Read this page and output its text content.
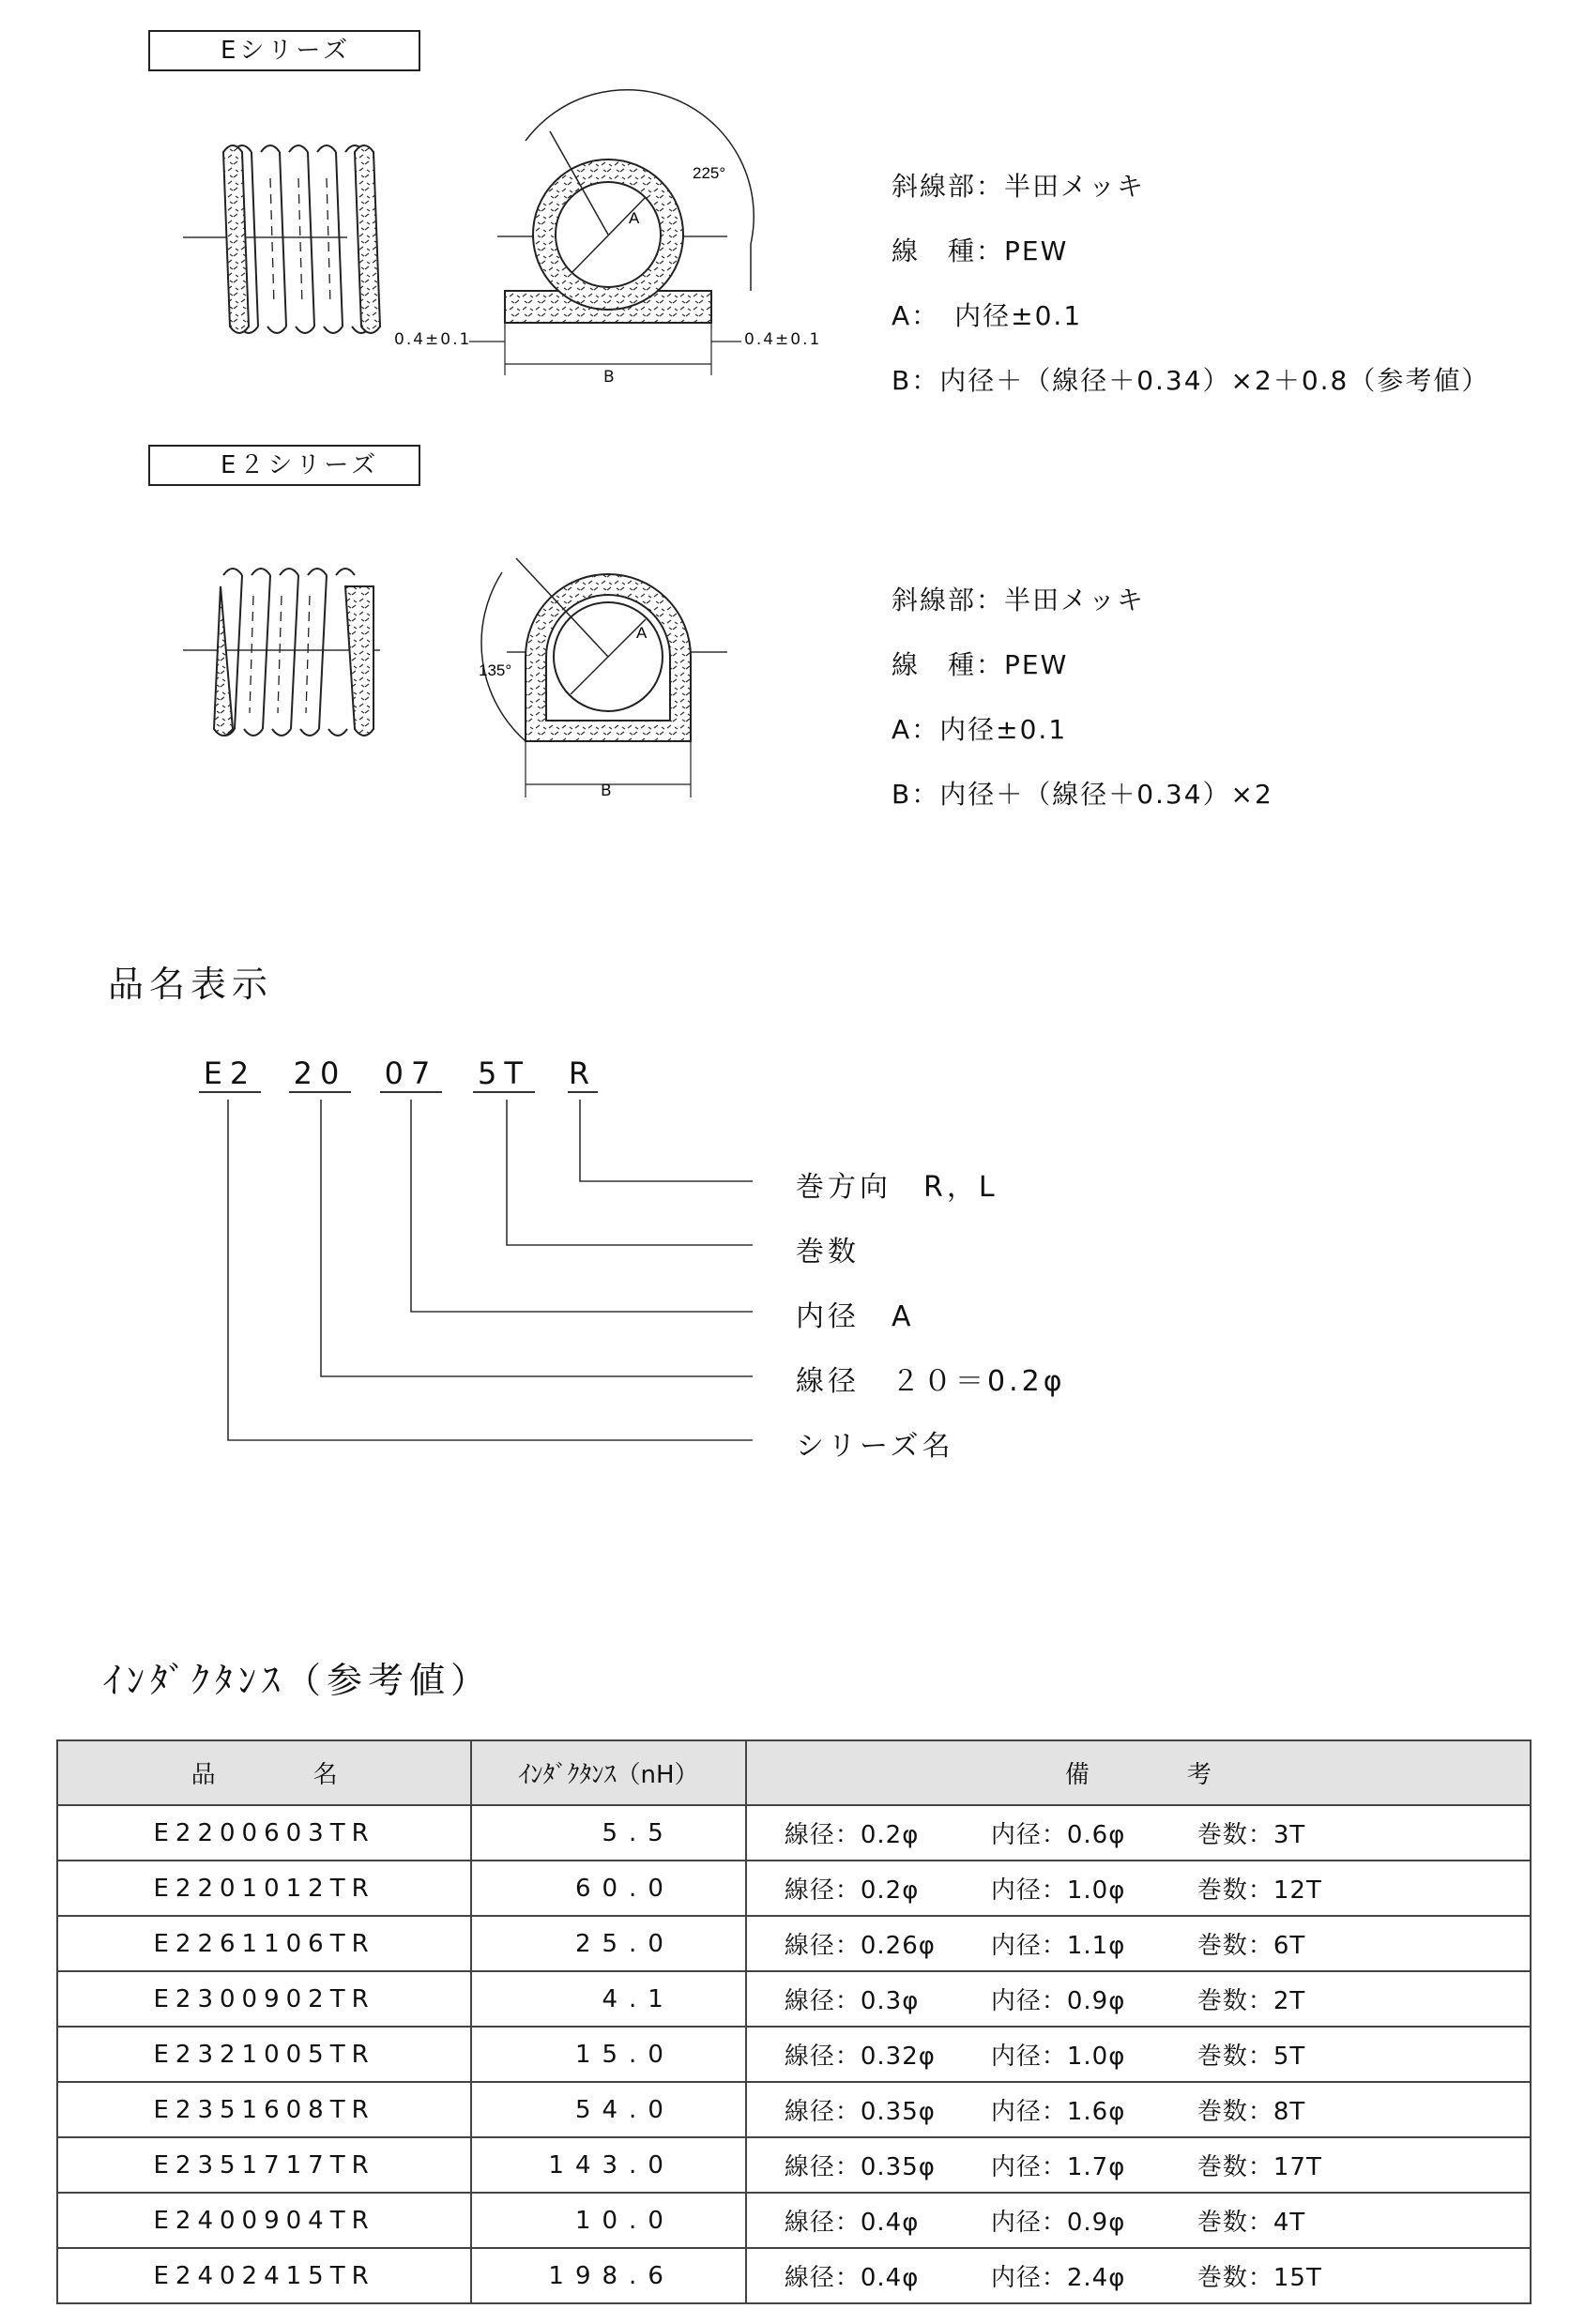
Eシリーズ
A
225°
0.4±0.1	0.4±0.1
B
斜線部：半田メッキ
線　種：PEW
A：　内径±0.1
B：内径＋（線径＋0.34）×2＋0.8（参考値）
E２シリーズ
A
135°
B
斜線部：半田メッキ
線　種：PEW
A：内径±0.1
B：内径＋（線径＋0.34）×2
品名表示
E2 20 07 5T R
巻方向　R，L
巻数
内径　A
線径　２０＝0.2φ
シリーズ名
ｲﾝﾀﾞｸﾀﾝｽ（参考値）
品　　　　名	ｲﾝﾀﾞｸﾀﾝｽ（nH）	備　　　　考
E2200603TR	5.5	線径：0.2φ 内径：0.6φ 巻数：3T
E2201012TR	60.0	線径：0.2φ 内径：1.0φ 巻数：12T
E2261106TR	25.0	線径：0.26φ 内径：1.1φ 巻数：6T
E2300902TR	4.1	線径：0.3φ 内径：0.9φ 巻数：2T
E2321005TR	15.0	線径：0.32φ 内径：1.0φ 巻数：5T
E2351608TR	54.0	線径：0.35φ 内径：1.6φ 巻数：8T
E2351717TR	143.0	線径：0.35φ 内径：1.7φ 巻数：17T
E2400904TR	10.0	線径：0.4φ 内径：0.9φ 巻数：4T
E2402415TR	198.6	線径：0.4φ 内径：2.4φ 巻数：15T
